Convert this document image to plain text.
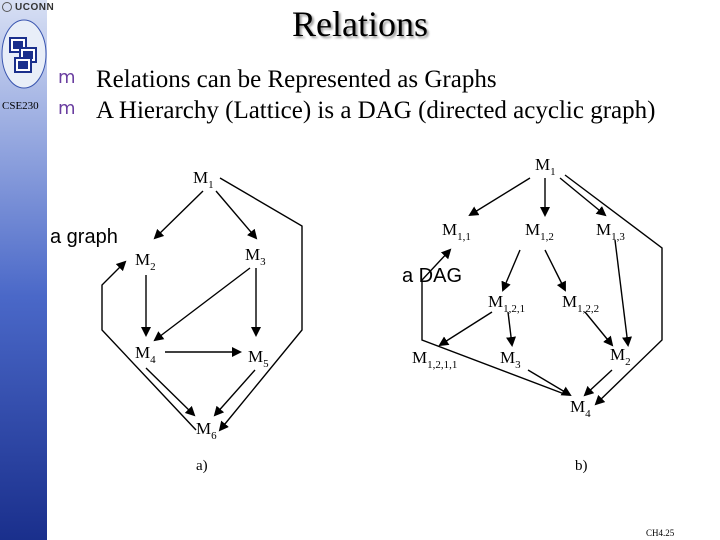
UCONN
CSE230
Relations
m Relations can be Represented as Graphs
m A Hierarchy (Lattice) is a DAG (directed acyclic graph)
$M_1$
$M_2$
$M_3$
$M_4$	$M_5$
$M_6$
a graph
a)
$M_1$
$M_{1,1}$	$M_{1,2}$ $M_{1,3}$
$M_{1,2,1}$ $M_{1,2,2}$
$M_{1,2,1,1}$	$M_3$
$M_2$
$M_4$
a DAG
b)
CH4.25
